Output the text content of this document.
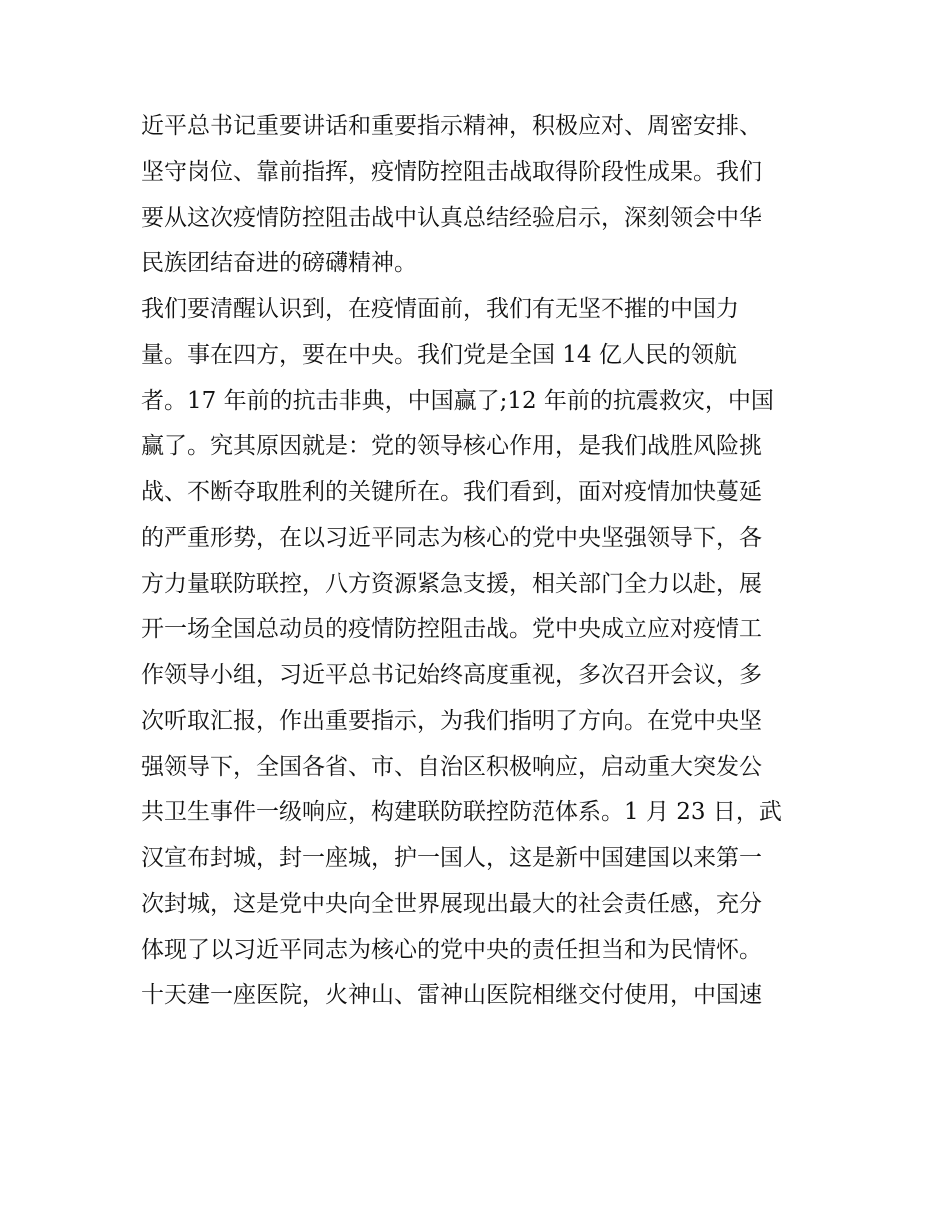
近平总书记重要讲话和重要指示精神，积极应对、周密安排、
坚守岗位、靠前指挥，疫情防控阻击战取得阶段性成果。我们
要从这次疫情防控阻击战中认真总结经验启示，深刻领会中华
民族团结奋进的磅礴精神。
我们要清醒认识到，在疫情面前，我们有无坚不摧的中国力
量。事在四方，要在中央。我们党是全国 14 亿人民的领航
者。17 年前的抗击非典，中国赢了;12 年前的抗震救灾，中国
赢了。究其原因就是：党的领导核心作用，是我们战胜风险挑
战、不断夺取胜利的关键所在。我们看到，面对疫情加快蔓延
的严重形势，在以习近平同志为核心的党中央坚强领导下，各
方力量联防联控，八方资源紧急支援，相关部门全力以赴，展
开一场全国总动员的疫情防控阻击战。党中央成立应对疫情工
作领导小组，习近平总书记始终高度重视，多次召开会议，多
次听取汇报，作出重要指示，为我们指明了方向。在党中央坚
强领导下，全国各省、市、自治区积极响应，启动重大突发公
共卫生事件一级响应，构建联防联控防范体系。1 月 23 日，武
汉宣布封城，封一座城，护一国人，这是新中国建国以来第一
次封城，这是党中央向全世界展现出最大的社会责任感，充分
体现了以习近平同志为核心的党中央的责任担当和为民情怀。
十天建一座医院，火神山、雷神山医院相继交付使用，中国速
